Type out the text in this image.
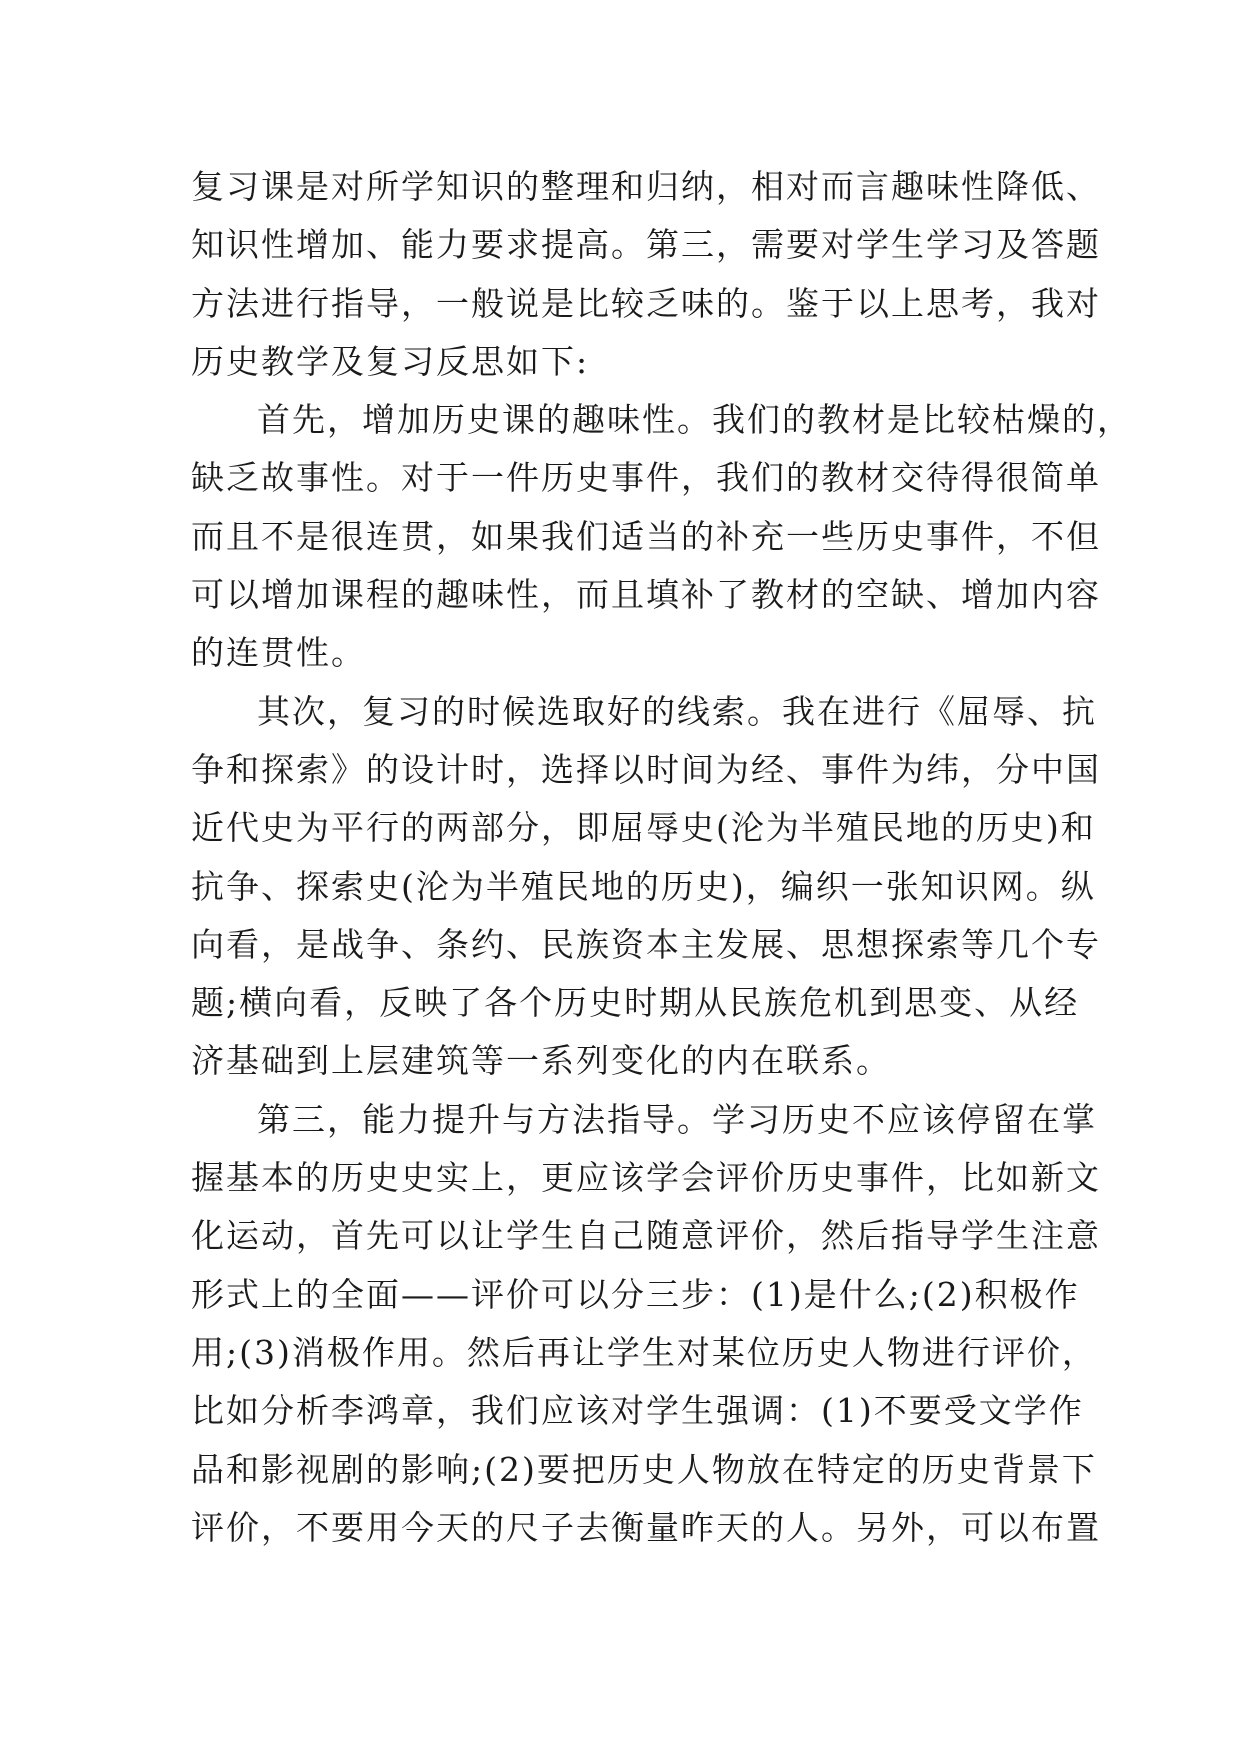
复习课是对所学知识的整理和归纳，相对而言趣味性降低、
知识性增加、能力要求提高。第三，需要对学生学习及答题
方法进行指导，一般说是比较乏味的。鉴于以上思考，我对
历史教学及复习反思如下:
首先，增加历史课的趣味性。我们的教材是比较枯燥的，
缺乏故事性。对于一件历史事件，我们的教材交待得很简单
而且不是很连贯，如果我们适当的补充一些历史事件，不但
可以增加课程的趣味性，而且填补了教材的空缺、增加内容
的连贯性。
其次，复习的时候选取好的线索。我在进行《屈辱、抗
争和探索》的设计时，选择以时间为经、事件为纬，分中国
近代史为平行的两部分，即屈辱史(沦为半殖民地的历史)和
抗争、探索史(沦为半殖民地的历史)，编织一张知识网。纵
向看，是战争、条约、民族资本主发展、思想探索等几个专
题;横向看，反映了各个历史时期从民族危机到思变、从经
济基础到上层建筑等一系列变化的内在联系。
第三，能力提升与方法指导。学习历史不应该停留在掌
握基本的历史史实上，更应该学会评价历史事件，比如新文
化运动，首先可以让学生自己随意评价，然后指导学生注意
形式上的全面——评价可以分三步：(1)是什么;(2)积极作
用;(3)消极作用。然后再让学生对某位历史人物进行评价，
比如分析李鸿章，我们应该对学生强调：(1)不要受文学作
品和影视剧的影响;(2)要把历史人物放在特定的历史背景下
评价，不要用今天的尺子去衡量昨天的人。另外，可以布置
